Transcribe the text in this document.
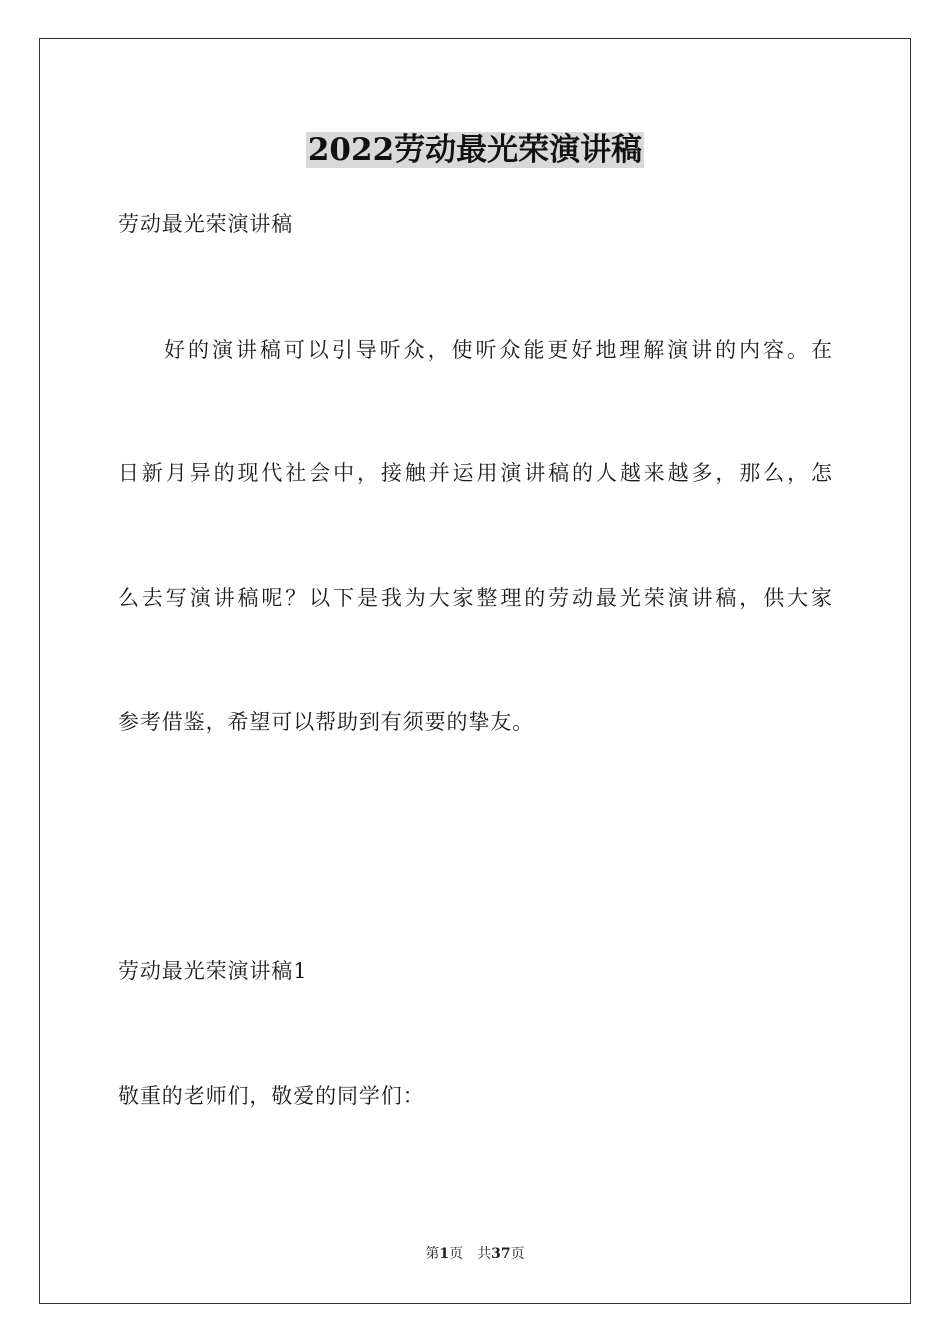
2022劳动最光荣演讲稿
劳动最光荣演讲稿
好的演讲稿可以引导听众，使听众能更好地理解演讲的内容。在
日新月异的现代社会中，接触并运用演讲稿的人越来越多，那么，怎
么去写演讲稿呢？以下是我为大家整理的劳动最光荣演讲稿，供大家
参考借鉴，希望可以帮助到有须要的挚友。
劳动最光荣演讲稿1
敬重的老师们，敬爱的同学们：
第1页 共37页
